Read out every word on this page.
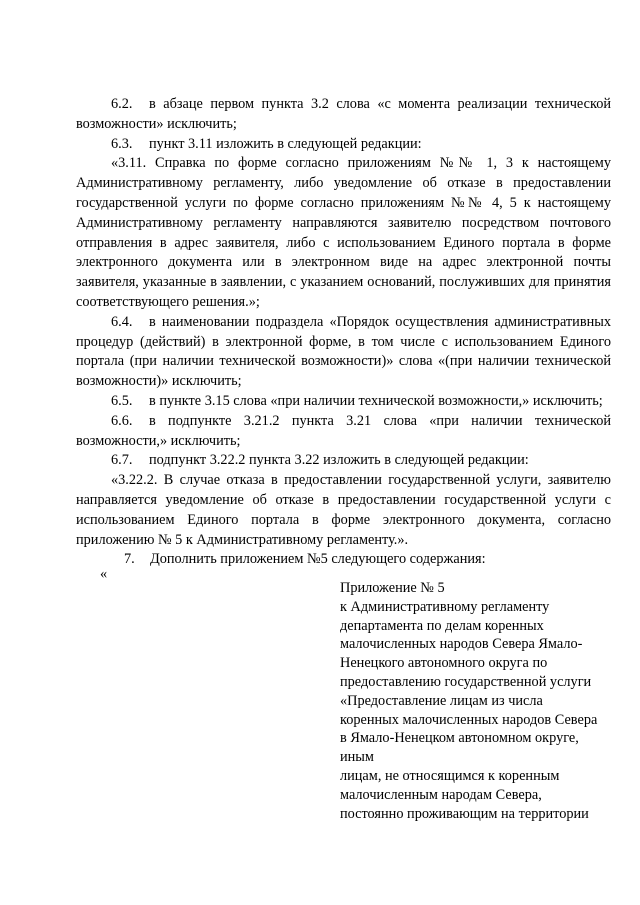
6.2. в абзаце первом пункта 3.2 слова «с момента реализации технической возможности» исключить;

6.3. пункт 3.11 изложить в следующей редакции:

«3.11. Справка по форме согласно приложениям №№ 1, 3 к настоящему Административному регламенту, либо уведомление об отказе в предоставлении государственной услуги по форме согласно приложениям №№ 4, 5 к настоящему Административному регламенту направляются заявителю посредством почтового отправления в адрес заявителя, либо с использованием Единого портала в форме электронного документа или в электронном виде на адрес электронной почты заявителя, указанные в заявлении, с указанием оснований, послуживших для принятия соответствующего решения.»;

6.4. в наименовании подраздела «Порядок осуществления административных процедур (действий) в электронной форме, в том числе с использованием Единого портала (при наличии технической возможности)» слова «(при наличии технической возможности)» исключить;

6.5. в пункте 3.15 слова «при наличии технической возможности,» исключить;

6.6. в подпункте 3.21.2 пункта 3.21 слова «при наличии технической возможности,» исключить;

6.7. подпункт 3.22.2 пункта 3.22 изложить в следующей редакции:

«3.22.2. В случае отказа в предоставлении государственной услуги, заявителю направляется уведомление об отказе в предоставлении государственной услуги с использованием Единого портала в форме электронного документа, согласно приложению № 5 к Административному регламенту.».

7. Дополнить приложением №5 следующего содержания:

«
Приложение № 5
к Административному регламенту
департамента по делам коренных
малочисленных народов Севера Ямало-
Ненецкого автономного округа по
предоставлению государственной услуги
«Предоставление лицам из числа
коренных малочисленных народов Севера
в Ямало-Ненецком автономном округе,
иным
лицам, не относящимся к коренным
малочисленным народам Севера,
постоянно проживающим на территории
